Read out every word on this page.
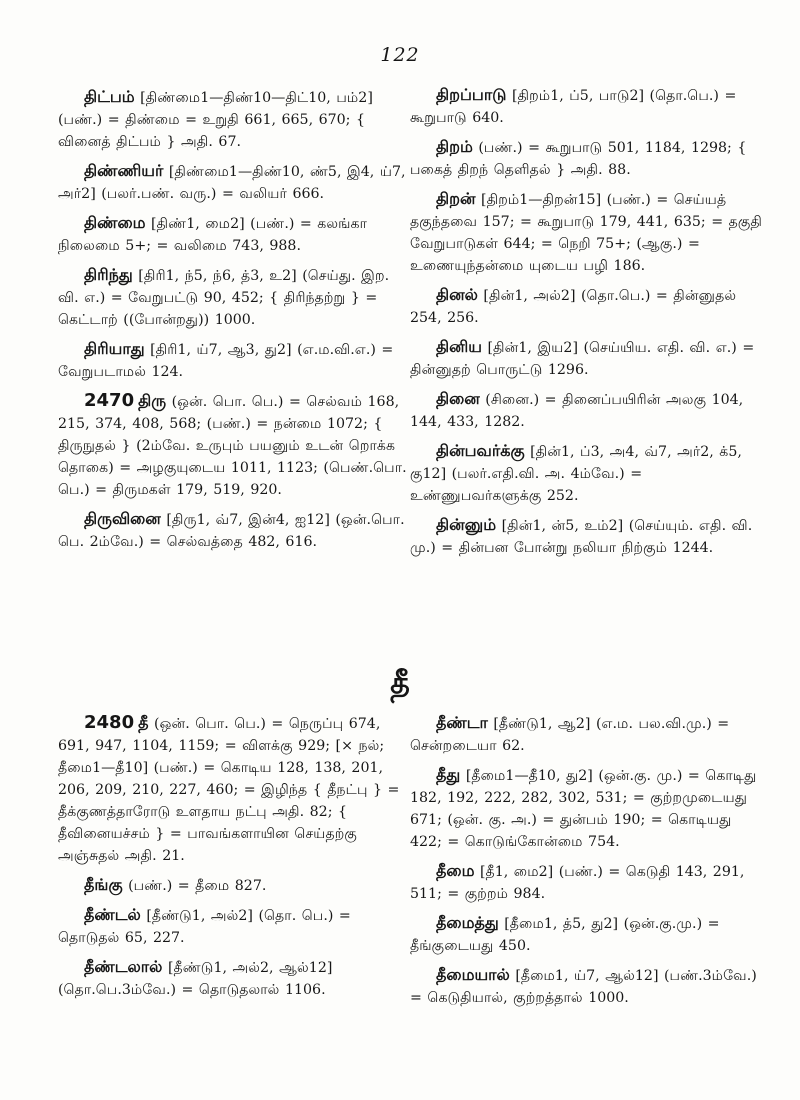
122

திட்பம் [திண்மை1—திண்10—திட்10, பம்2] (பண்.) = திண்மை = உறுதி 661, 665, 670; { வினைத் திட்பம் } அதி. 67.

திண்ணியர் [திண்மை1—திண்10, ண்5, இ4, ய்7, அர்2] (பலர்.பண். வரு.) = வலியர் 666.

திண்மை [திண்1, மை2] (பண்.) = கலங்கா நிலைமை 5+; = வலிமை 743, 988.

திரிந்து [திரி1, ந்5, ந்6, த்3, உ2] (செய்து. இற. வி. எ.) = வேறுபட்டு 90, 452; { திரிந்தற்று } = கெட்டாற் ((போன்றது)) 1000.

திரியாது [திரி1, ய்7, ஆ3, து2] (எ.ம.வி.எ.) = வேறுபடாமல் 124.

2470 திரு (ஒன். பொ. பெ.) = செல்வம் 168, 215, 374, 408, 568; (பண்.) = நன்மை 1072; { திருநுதல் } (2ம்வே. உருபும் பயனும் உடன் றொக்க தொகை) = அழகுயுடைய 1011, 1123; (பெண்.பொ. பெ.) = திருமகள் 179, 519, 920.

திருவினை [திரு1, வ்7, இன்4, ஐ12] (ஒன்.பொ. பெ. 2ம்வே.) = செல்வத்தை 482, 616.

திறப்பாடு [திறம்1, ப்5, பாடு2] (தொ.பெ.) = கூறுபாடு 640.

திறம் (பண்.) = கூறுபாடு 501, 1184, 1298; { பகைத் திறந் தெளிதல் } அதி. 88.

திறன் [திறம்1—திறன்15] (பண்.) = செய்யத் தகுந்தவை 157; = கூறுபாடு 179, 441, 635; = தகுதி வேறுபாடுகள் 644; = நெறி 75+; (ஆகு.) = உணையுந்தன்மை யுடைய பழி 186.

தினல் [தின்1, அல்2] (தொ.பெ.) = தின்னுதல் 254, 256.

தினிய [தின்1, இய2] (செய்யிய. எதி. வி. எ.) = தின்னுதற் பொருட்டு 1296.

தினை (சினை.) = தினைப்பயிரின் அலகு 104, 144, 433, 1282.

தின்பவர்க்கு [தின்1, ப்3, அ4, வ்7, அர்2, க்5, கு12] (பலர்.எதி.வி. அ. 4ம்வே.) = உண்ணுபவர்களுக்கு 252.

தின்னும் [தின்1, ன்5, உம்2] (செய்யும். எதி. வி. மு.) = தின்பன போன்று நலியா நிற்கும் 1244.

தீ

2480 தீ (ஒன். பொ. பெ.) = நெருப்பு 674, 691, 947, 1104, 1159; = விளக்கு 929; [× நல்; தீமை1—தீ10] (பண்.) = கொடிய 128, 138, 201, 206, 209, 210, 227, 460; = இழிந்த { தீநட்பு } = தீக்குணத்தாரோடு உளதாய நட்பு அதி. 82; { தீவினையச்சம் } = பாவங்களாயின செய்தற்கு அஞ்சுதல் அதி. 21.

தீங்கு (பண்.) = தீமை 827.

தீண்டல் [தீண்டு1, அல்2] (தொ. பெ.) = தொடுதல் 65, 227.

தீண்டலால் [தீண்டு1, அல்2, ஆல்12] (தொ.பெ.3ம்வே.) = தொடுதலால் 1106.

தீண்டா [தீண்டு1, ஆ2] (எ.ம. பல.வி.மு.) = சென்றடையா 62.

தீது [தீமை1—தீ10, து2] (ஒன்.கு. மு.) = கொடிது 182, 192, 222, 282, 302, 531; = குற்றமுடையது 671; (ஒன். கு. அ.) = துன்பம் 190; = கொடியது 422; = கொடுங்கோன்மை 754.

தீமை [தீ1, மை2] (பண்.) = கெடுதி 143, 291, 511; = குற்றம் 984.

தீமைத்து [தீமை1, த்5, து2] (ஒன்.கு.மு.) = தீங்குடையது 450.

தீமையால் [தீமை1, ய்7, ஆல்12] (பண்.3ம்வே.) = கெடுதியால், குற்றத்தால் 1000.
